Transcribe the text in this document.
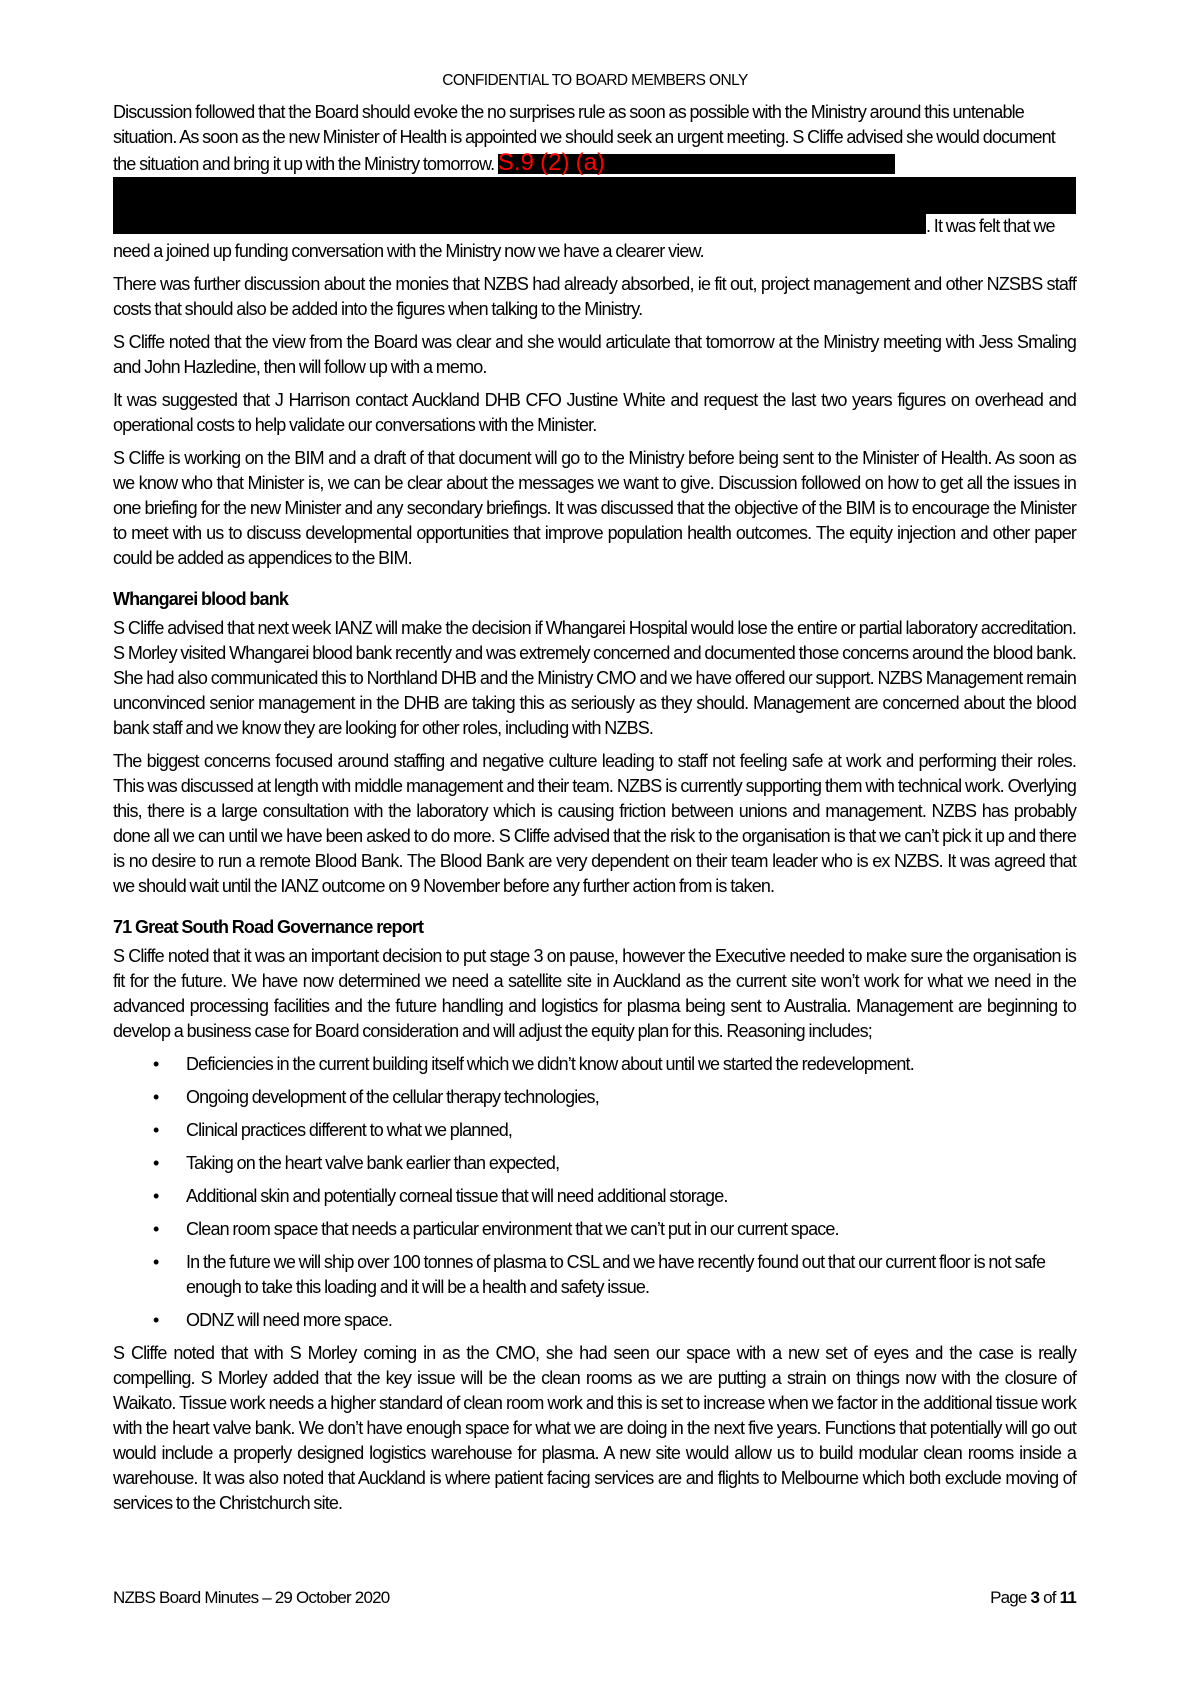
CONFIDENTIAL TO BOARD MEMBERS ONLY

Discussion followed that the Board should evoke the no surprises rule as soon as possible with the Ministry around this untenable situation. As soon as the new Minister of Health is appointed we should seek an urgent meeting. S Cliffe advised she would document the situation and bring it up with the Ministry tomorrow. S.9 (2) (a). It was felt that we need a joined up funding conversation with the Ministry now we have a clearer view.

There was further discussion about the monies that NZBS had already absorbed, ie fit out, project management and other NZSBS staff costs that should also be added into the figures when talking to the Ministry.

S Cliffe noted that the view from the Board was clear and she would articulate that tomorrow at the Ministry meeting with Jess Smaling and John Hazledine, then will follow up with a memo.

It was suggested that J Harrison contact Auckland DHB CFO Justine White and request the last two years figures on overhead and operational costs to help validate our conversations with the Minister.

S Cliffe is working on the BIM and a draft of that document will go to the Ministry before being sent to the Minister of Health. As soon as we know who that Minister is, we can be clear about the messages we want to give. Discussion followed on how to get all the issues in one briefing for the new Minister and any secondary briefings. It was discussed that the objective of the BIM is to encourage the Minister to meet with us to discuss developmental opportunities that improve population health outcomes. The equity injection and other paper could be added as appendices to the BIM.

Whangarei blood bank

S Cliffe advised that next week IANZ will make the decision if Whangarei Hospital would lose the entire or partial laboratory accreditation. S Morley visited Whangarei blood bank recently and was extremely concerned and documented those concerns around the blood bank. She had also communicated this to Northland DHB and the Ministry CMO and we have offered our support. NZBS Management remain unconvinced senior management in the DHB are taking this as seriously as they should. Management are concerned about the blood bank staff and we know they are looking for other roles, including with NZBS.

The biggest concerns focused around staffing and negative culture leading to staff not feeling safe at work and performing their roles. This was discussed at length with middle management and their team. NZBS is currently supporting them with technical work. Overlying this, there is a large consultation with the laboratory which is causing friction between unions and management. NZBS has probably done all we can until we have been asked to do more. S Cliffe advised that the risk to the organisation is that we can’t pick it up and there is no desire to run a remote Blood Bank. The Blood Bank are very dependent on their team leader who is ex NZBS. It was agreed that we should wait until the IANZ outcome on 9 November before any further action from is taken.

71 Great South Road Governance report

S Cliffe noted that it was an important decision to put stage 3 on pause, however the Executive needed to make sure the organisation is fit for the future. We have now determined we need a satellite site in Auckland as the current site won’t work for what we need in the advanced processing facilities and the future handling and logistics for plasma being sent to Australia. Management are beginning to develop a business case for Board consideration and will adjust the equity plan for this. Reasoning includes;

• Deficiencies in the current building itself which we didn’t know about until we started the redevelopment.
• Ongoing development of the cellular therapy technologies,
• Clinical practices different to what we planned,
• Taking on the heart valve bank earlier than expected,
• Additional skin and potentially corneal tissue that will need additional storage.
• Clean room space that needs a particular environment that we can’t put in our current space.
• In the future we will ship over 100 tonnes of plasma to CSL and we have recently found out that our current floor is not safe enough to take this loading and it will be a health and safety issue.
• ODNZ will need more space.

S Cliffe noted that with S Morley coming in as the CMO, she had seen our space with a new set of eyes and the case is really compelling. S Morley added that the key issue will be the clean rooms as we are putting a strain on things now with the closure of Waikato. Tissue work needs a higher standard of clean room work and this is set to increase when we factor in the additional tissue work with the heart valve bank. We don’t have enough space for what we are doing in the next five years. Functions that potentially will go out would include a properly designed logistics warehouse for plasma. A new site would allow us to build modular clean rooms inside a warehouse. It was also noted that Auckland is where patient facing services are and flights to Melbourne which both exclude moving of services to the Christchurch site.

NZBS Board Minutes – 29 October 2020	Page 3 of 11
